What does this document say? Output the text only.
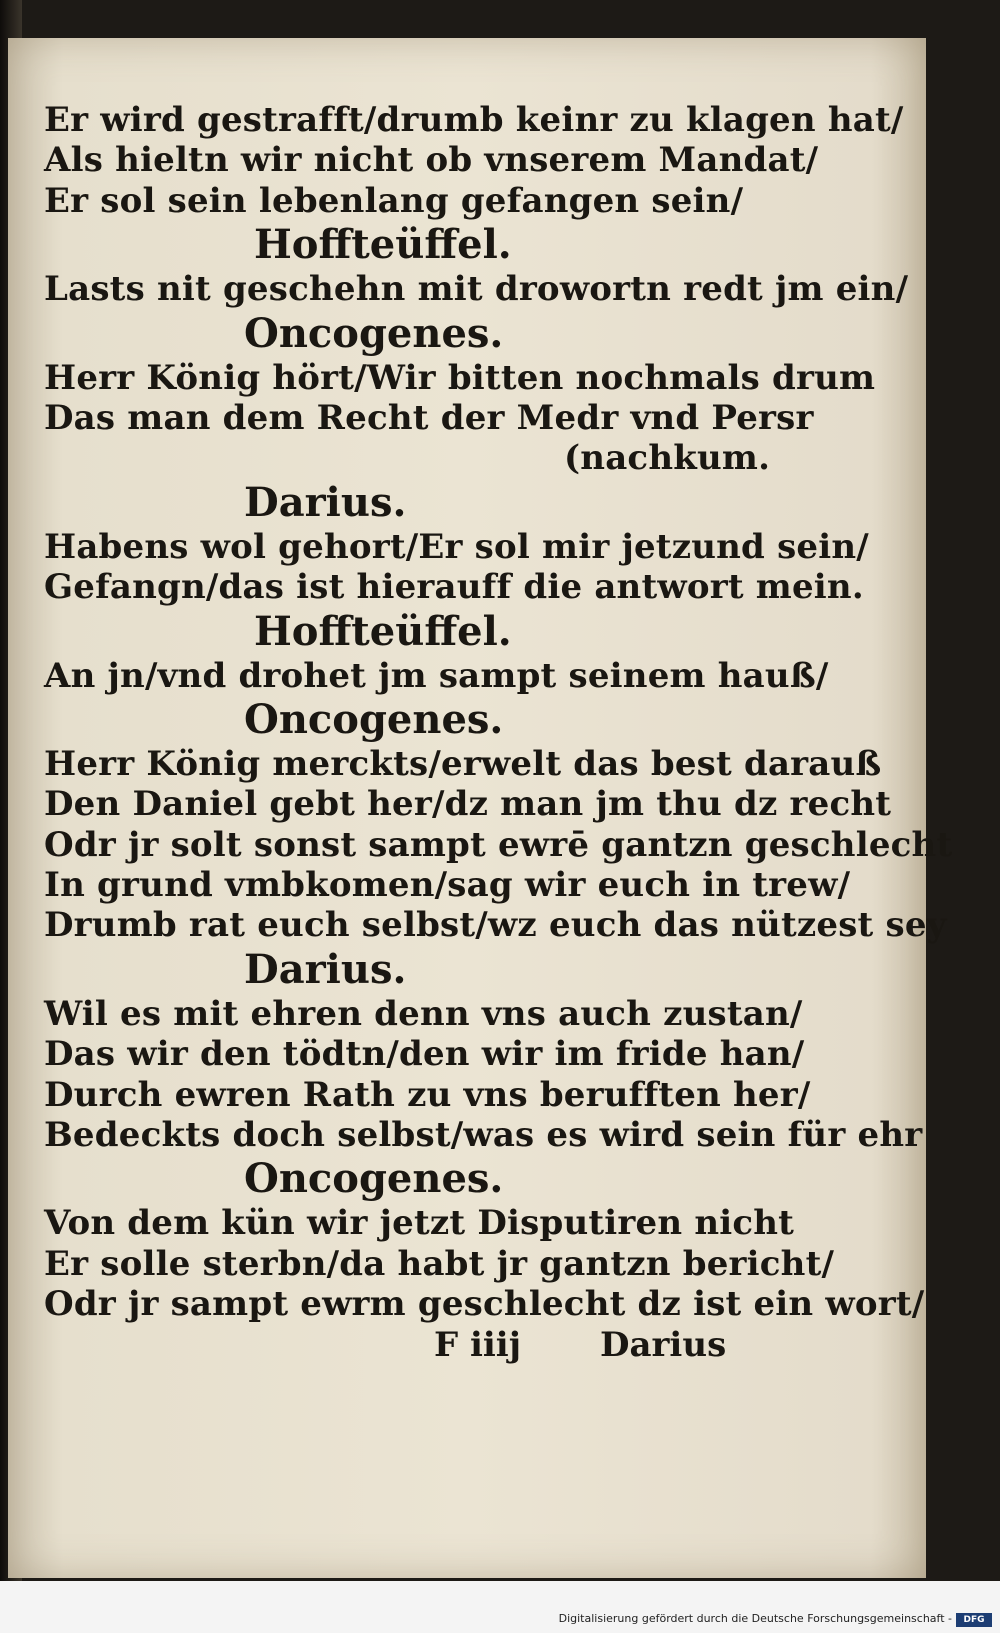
Er wird gestrafft/drumb keinr zu klagen hat/
Als hieltn wir nicht ob vnserem Mandat/
Er sol sein lebenlang gefangen sein/
Hoffteüffel.
Lasts nit geschehn mit drowortn redt jm ein/
Oncogenes.
Herr König hört/Wir bitten nochmals drum
Das man dem Recht der Medr vnd Persr
(nachkum.
Darius.
Habens wol gehort/Er sol mir jetzund sein/
Gefangn/das ist hierauff die antwort mein.
Hoffteüffel.
An jn/vnd drohet jm sampt seinem hauß/
Oncogenes.
Herr König merckts/erwelt das best darauß
Den Daniel gebt her/dz man jm thu dz recht
Odr jr solt sonst sampt ewrē gantzn geschlecht
In grund vmbkomen/sag wir euch in trew/
Drumb rat euch selbst/wz euch das nützest sey
Darius.
Wil es mit ehren denn vns auch zustan/
Das wir den tödtn/den wir im fride han/
Durch ewren Rath zu vns berufften her/
Bedeckts doch selbst/was es wird sein für ehr
Oncogenes.
Von dem kün wir jetzt Disputiren nicht
Er solle sterbn/da habt jr gantzn bericht/
Odr jr sampt ewrm geschlecht dz ist ein wort/
F iiij Darius
Digitalisierung gefördert durch die Deutsche Forschungsgemeinschaft -	DFG
